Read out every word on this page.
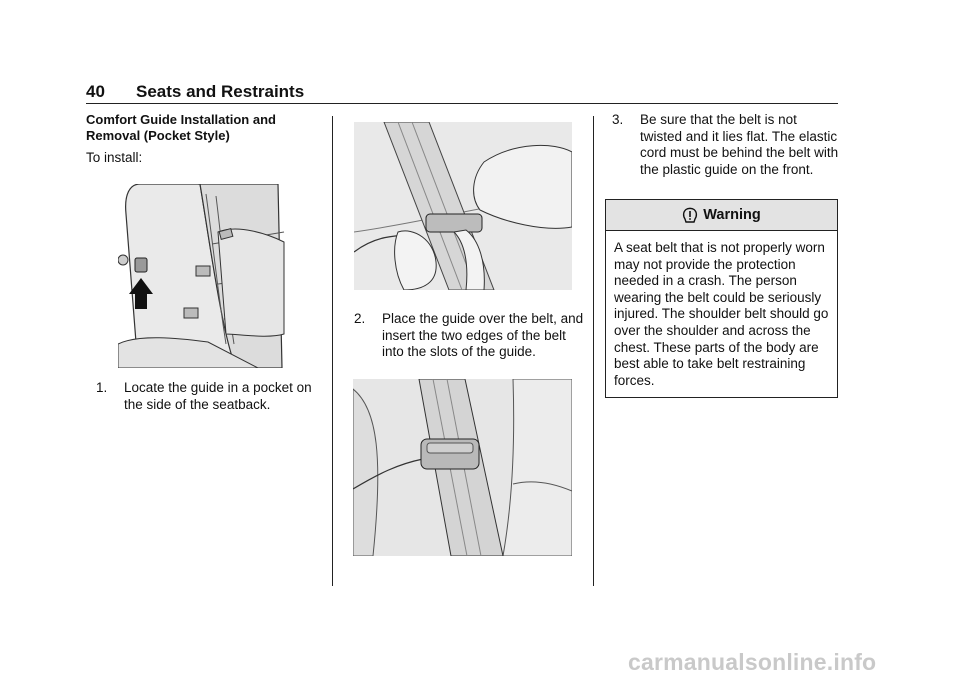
40 Seats and Restraints
Comfort Guide Installation and Removal (Pocket Style)
To install:
1.	Locate the guide in a pocket on the side of the seatback.
2.	Place the guide over the belt, and insert the two edges of the belt into the slots of the guide.
3.	Be sure that the belt is not twisted and it lies flat. The elastic cord must be behind the belt with the plastic guide on the front.
Warning
A seat belt that is not properly worn may not provide the protection needed in a crash. The person wearing the belt could be seriously injured. The shoulder belt should go over the shoulder and across the chest. These parts of the body are best able to take belt restraining forces.
carmanualsonline.info
